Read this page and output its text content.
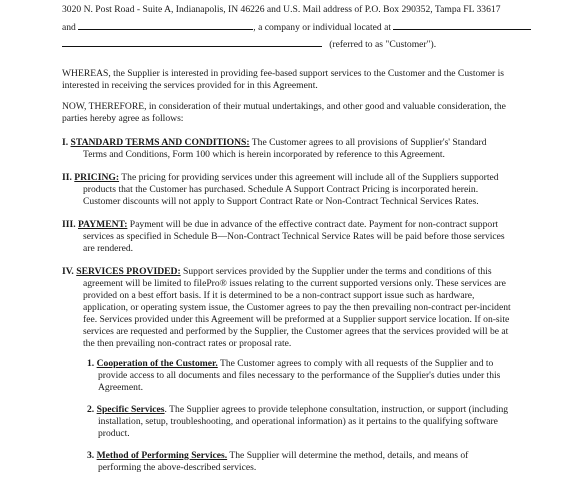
3020 N. Post Road - Suite A, Indianapolis, IN 46226 and U.S. Mail address of P.O. Box 290352, Tampa FL 33617

and	, a company or individual located at

(referred to as "Customer").

WHEREAS, the Supplier is interested in providing fee-based support services to the Customer and the Customer is

interested in receiving the services provided for in this Agreement.

NOW, THEREFORE, in consideration of their mutual undertakings, and other good and valuable consideration, the

parties hereby agree as follows:

I. STANDARD TERMS AND CONDITIONS: The Customer agrees to all provisions of Supplier's' Standard

Terms and Conditions, Form 100 which is herein incorporated by reference to this Agreement.

II. PRICING: The pricing for providing services under this agreement will include all of the Suppliers supported

products that the Customer has purchased. Schedule A Support Contract Pricing is incorporated herein.

Customer discounts will not apply to Support Contract Rate or Non-Contract Technical Services Rates.

III. PAYMENT: Payment will be due in advance of the effective contract date. Payment for non-contract support

services as specified in Schedule B—Non-Contract Technical Service Rates will be paid before those services

are rendered.

IV. SERVICES PROVIDED: Support services provided by the Supplier under the terms and conditions of this

agreement will be limited to filePro® issues relating to the current supported versions only. These services are

provided on a best effort basis. If it is determined to be a non-contract support issue such as hardware,

application, or operating system issue, the Customer agrees to pay the then prevailing non-contract per-incident

fee. Services provided under this Agreement will be preformed at a Supplier support service location. If on-site

services are requested and performed by the Supplier, the Customer agrees that the services provided will be at

the then prevailing non-contract rates or proposal rate.

1. Cooperation of the Customer. The Customer agrees to comply with all requests of the Supplier and to

provide access to all documents and files necessary to the performance of the Supplier's duties under this

Agreement.

2. Specific Services. The Supplier agrees to provide telephone consultation, instruction, or support (including

installation, setup, troubleshooting, and operational information) as it pertains to the qualifying software

product.

3. Method of Performing Services. The Supplier will determine the method, details, and means of

performing the above-described services.
